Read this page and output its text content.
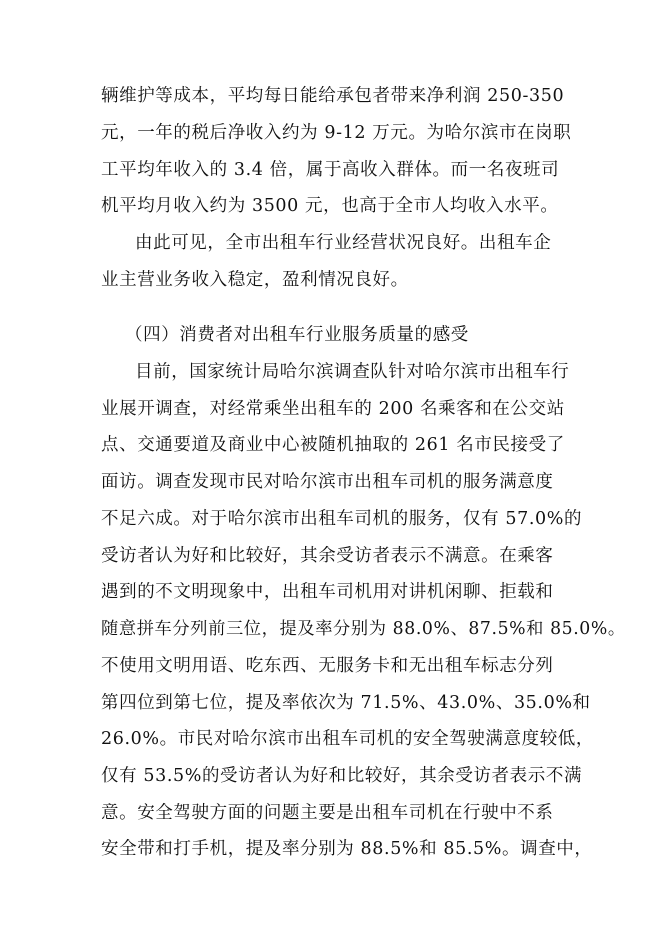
辆维护等成本，平均每日能给承包者带来净利润 250-350
元，一年的税后净收入约为 9-12 万元。为哈尔滨市在岗职
工平均年收入的 3.4 倍，属于高收入群体。而一名夜班司
机平均月收入约为 3500 元，也高于全市人均收入水平。
由此可见，全市出租车行业经营状况良好。出租车企
业主营业务收入稳定，盈利情况良好。
（四）消费者对出租车行业服务质量的感受
目前，国家统计局哈尔滨调查队针对哈尔滨市出租车行
业展开调查，对经常乘坐出租车的 200 名乘客和在公交站
点、交通要道及商业中心被随机抽取的 261 名市民接受了
面访。调查发现市民对哈尔滨市出租车司机的服务满意度
不足六成。对于哈尔滨市出租车司机的服务，仅有 57.0%的
受访者认为好和比较好，其余受访者表示不满意。在乘客
遇到的不文明现象中，出租车司机用对讲机闲聊、拒载和
随意拼车分列前三位，提及率分别为 88.0%、87.5%和 85.0%。
不使用文明用语、吃东西、无服务卡和无出租车标志分列
第四位到第七位，提及率依次为 71.5%、43.0%、35.0%和
26.0%。市民对哈尔滨市出租车司机的安全驾驶满意度较低，
仅有 53.5%的受访者认为好和比较好，其余受访者表示不满
意。安全驾驶方面的问题主要是出租车司机在行驶中不系
安全带和打手机，提及率分别为 88.5%和 85.5%。调查中，
